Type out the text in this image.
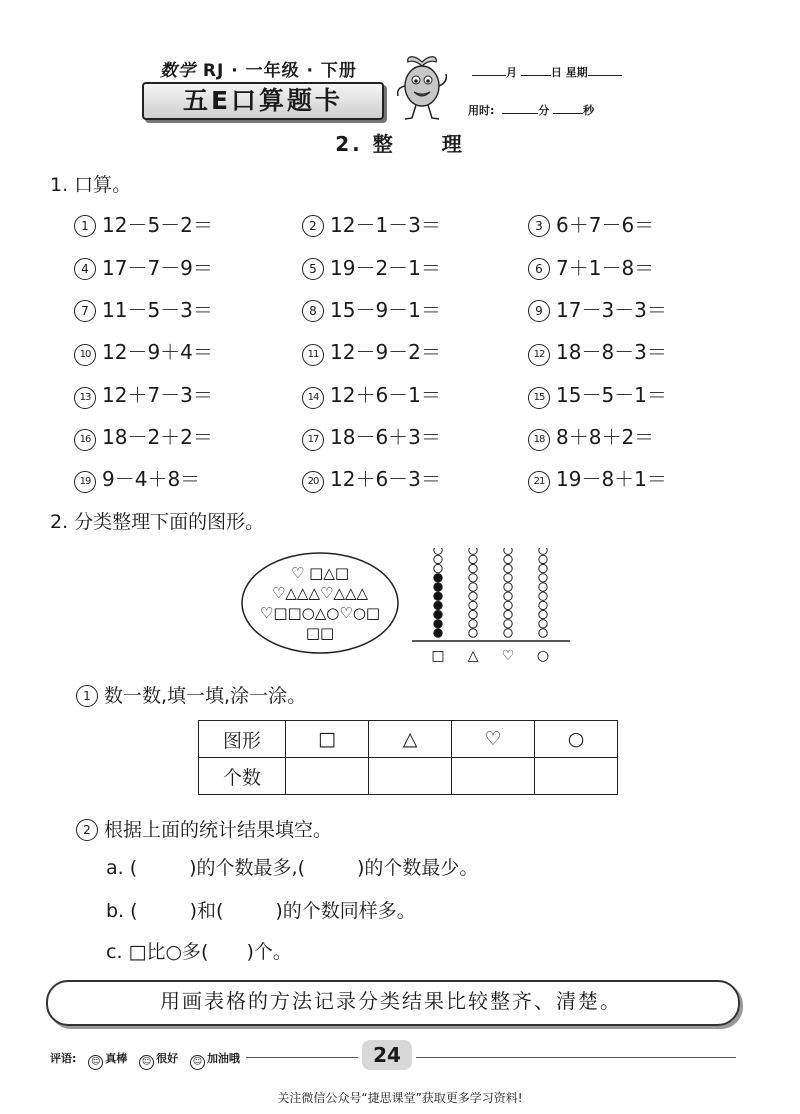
数学 RJ · 一年级 · 下册
五E口算题卡
月	日 星期
用时:	分	秒
2. 整　　理
1. 口算。
1 12－5－2＝	2 12－1－3＝	3 6＋7－6＝
4 17－7－9＝	5 19－2－1＝	6 7＋1－8＝
7 11－5－3＝	8 15－9－1＝	9 17－3－3＝
10 12－9＋4＝	11 12－9－2＝	12 18－8－3＝
13 12＋7－3＝	14 12＋6－1＝	15 15－5－1＝
16 18－2＋2＝	17 18－6＋3＝	18 8＋8＋2＝
19 9－4＋8＝	20 12＋6－3＝	21 19－8＋1＝
2. 分类整理下面的图形。
♡ □△□
♡△△△♡△△△
♡□□○△○♡○□
□□
□ △ ♡ ○
1 数一数,填一填,涂一涂。
图形	□	△	♡	○
个数				
2 根据上面的统计结果填空。
a. (	)的个数最多,(	)的个数最少。
b. (	)和(	)的个数同样多。
c. □比○多( )个。
用画表格的方法记录分类结果比较整齐、清楚。
评语: ☺ 真棒 ☺ 很好 ☺ 加油哦	24
关注微信公众号“捷思课堂”获取更多学习资料!
